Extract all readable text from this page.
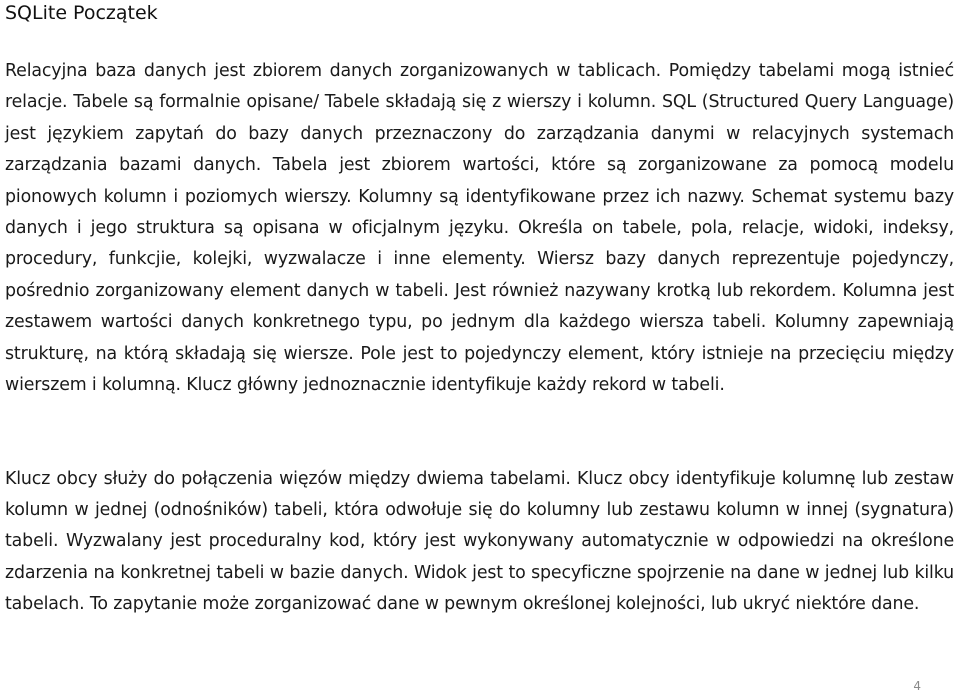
SQLite Początek

Relacyjna baza danych jest zbiorem danych zorganizowanych w tablicach. Pomiędzy tabelami mogą istnieć relacje. Tabele są formalnie opisane/ Tabele składają się z wierszy i kolumn. SQL (Structured Query Language) jest językiem zapytań do bazy danych przeznaczony do zarządzania danymi w relacyjnych systemach zarządzania bazami danych. Tabela jest zbiorem wartości, które są zorganizowane za pomocą modelu pionowych kolumn i poziomych wierszy. Kolumny są identyfikowane przez ich nazwy. Schemat systemu bazy danych i jego struktura są opisana w oficjalnym języku. Określa on tabele, pola, relacje, widoki, indeksy, procedury, funkcjie, kolejki, wyzwalacze i inne elementy. Wiersz bazy danych reprezentuje pojedynczy, pośrednio zorganizowany element danych w tabeli. Jest również nazywany krotką lub rekordem. Kolumna jest zestawem wartości danych konkretnego typu, po jednym dla każdego wiersza tabeli. Kolumny zapewniają strukturę, na którą składają się wiersze. Pole jest to pojedynczy element, który istnieje na przecięciu między wierszem i kolumną. Klucz główny jednoznacznie identyfikuje każdy rekord w tabeli.

Klucz obcy służy do połączenia więzów między dwiema tabelami. Klucz obcy identyfikuje kolumnę lub zestaw kolumn w jednej (odnośników) tabeli, która odwołuje się do kolumny lub zestawu kolumn w innej (sygnatura) tabeli. Wyzwalany jest proceduralny kod, który jest wykonywany automatycznie w odpowiedzi na określone zdarzenia na konkretnej tabeli w bazie danych. Widok jest to specyficzne spojrzenie na dane w jednej lub kilku tabelach. To zapytanie może zorganizować dane w pewnym określonej kolejności, lub ukryć niektóre dane.

4
